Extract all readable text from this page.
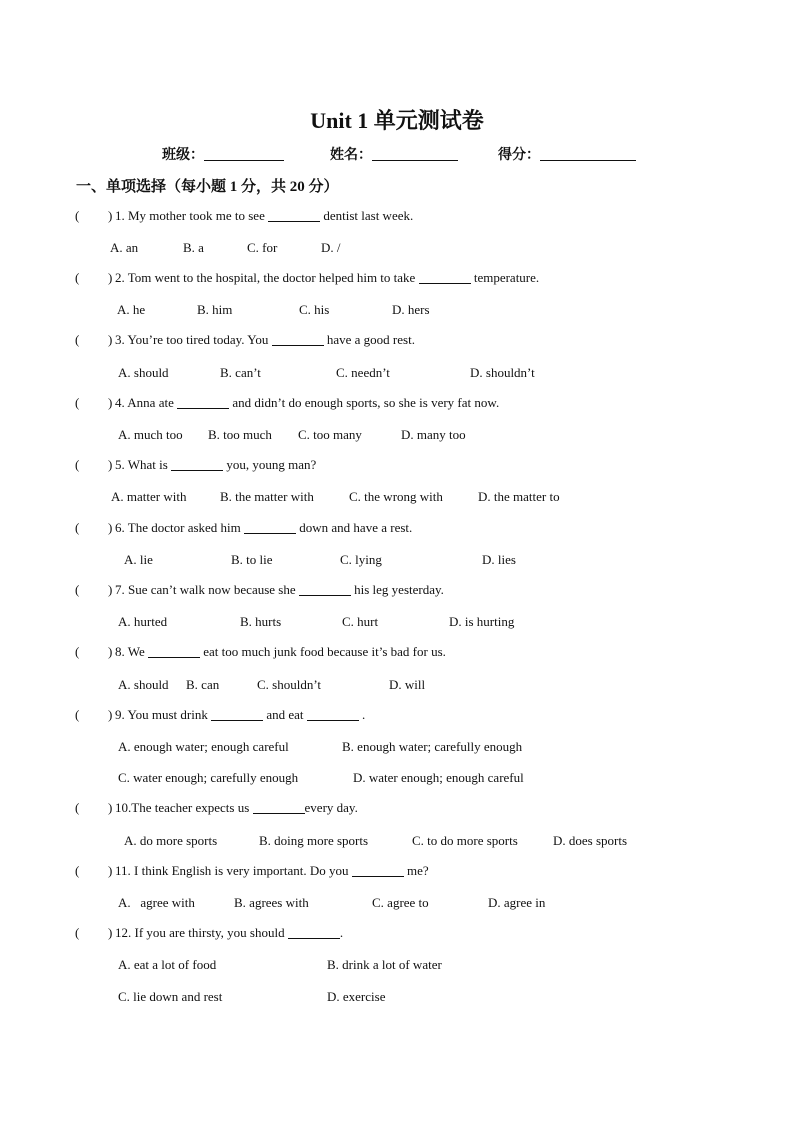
Unit 1 单元测试卷
班级：	姓名：	得分：
一、单项选择（每小题 1 分，共 20 分）
( ) 1. My mother took me to see	dentist last week.
A. an	B. a	C. for	D. /
( ) 2. Tom went to the hospital, the doctor helped him to take	temperature.
A. he	B. him	C. his	D. hers
( ) 3. You’re too tired today. You	have a good rest.
A. should	B. can’t	C. needn’t	D. shouldn’t
( ) 4. Anna ate	and didn’t do enough sports, so she is very fat now.
A. much too B. too much C. too many	D. many too
( ) 5. What is	you, young man?
A. matter with	B. the matter with	C. the wrong with	D. the matter to
( ) 6. The doctor asked him	down and have a rest.
A. lie	B. to lie	C. lying	D. lies
( ) 7. Sue can’t walk now because she	his leg yesterday.
A. hurted	B. hurts	C. hurt	D. is hurting
( ) 8. We	eat too much junk food because it’s bad for us.
A. should B. can	C. shouldn’t	D. will
( ) 9. You must drink	and eat	.
A. enough water; enough careful	B. enough water; carefully enough
C. water enough; carefully enough	D. water enough; enough careful
( ) 10.The teacher expects us	every day.
A. do more sports	B. doing more sports	C. to do more sports	D. does sports
( ) 11. I think English is very important. Do you	me?
A.   agree with	B. agrees with	C. agree to	D. agree in
( ) 12. If you are thirsty, you should	.
A. eat a lot of food	B. drink a lot of water
C. lie down and rest	D. exercise
